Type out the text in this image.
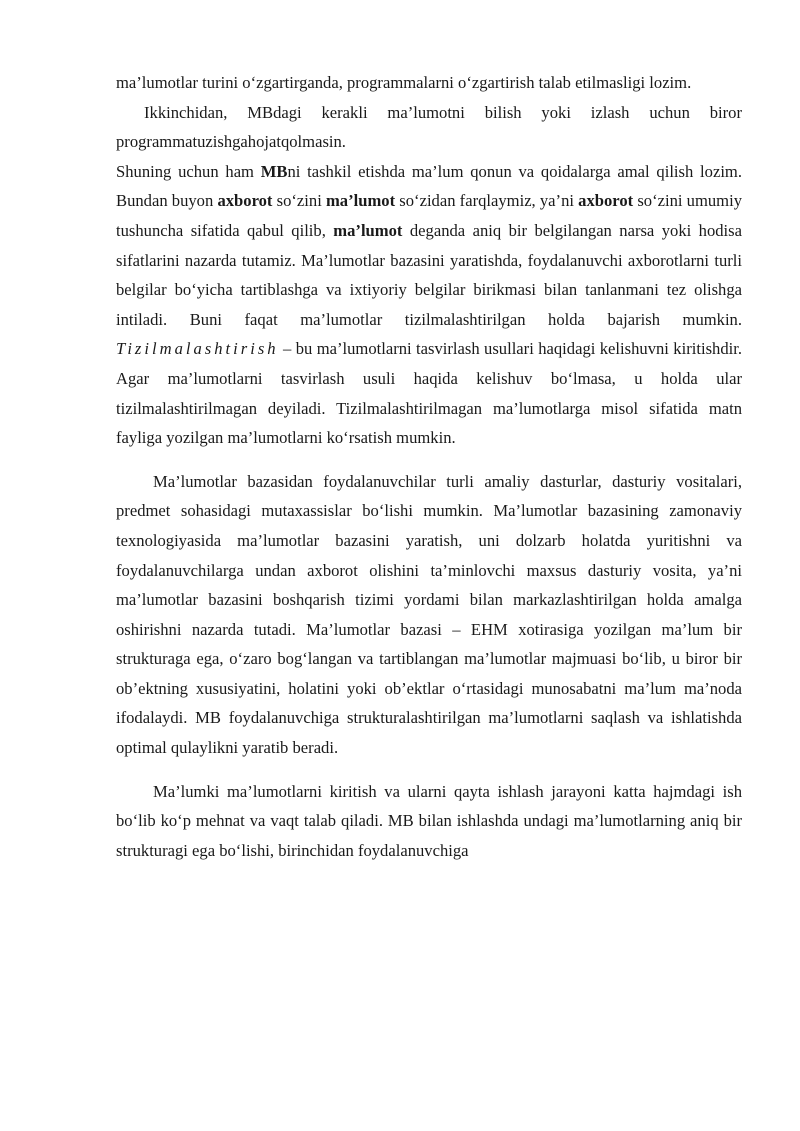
ma’lumotlar turini o‘zgartirganda, programmalarni o‘zgartirish talab etilmasligi lozim.

Ikkinchidan, MBdagi kerakli ma’lumotni bilish yoki izlash uchun biror programmatuzishgahojatqolmasin.

Shuning uchun ham MBni tashkil etishda ma’lum qonun va qoidalarga amal qilish lozim. Bundan buyon axborot so‘zini ma’lumot so‘zidan farqlaymiz, ya’ni axborot so‘zini umumiy tushuncha sifatida qabul qilib, ma’lumot deganda aniq bir belgilangan narsa yoki hodisa sifatlarini nazarda tutamiz. Ma’lumotlar bazasini yaratishda, foydalanuvchi axborotlarni turli belgilar bo‘yicha tartiblashga va ixtiyoriy belgilar birikmasi bilan tanlanmani tez olishga intiladi. Buni faqat ma’lumotlar tizilmalashtirilgan holda bajarish mumkin. Tizilmalashtirish – bu ma’lumotlarni tasvirlash usullari haqidagi kelishuvni kiritishdir. Agar ma’lumotlarni tasvirlash usuli haqida kelishuv bo‘lmasa, u holda ular tizilmalashtirilmagan deyiladi. Tizilmalashtirilmagan ma’lumotlarga misol sifatida matn fayliga yozilgan ma’lumotlarni ko‘rsatish mumkin.

Ma’lumotlar bazasidan foydalanuvchilar turli amaliy dasturlar, dasturiy vositalari, predmet sohasidagi mutaxassislar bo‘lishi mumkin. Ma’lumotlar bazasining zamonaviy texnologiyasida ma’lumotlar bazasini yaratish, uni dolzarb holatda yuritishni va foydalanuvchilarga undan axborot olishini ta’minlovchi maxsus dasturiy vosita, ya’ni ma’lumotlar bazasini boshqarish tizimi yordami bilan markazlashtirilgan holda amalga oshirishni nazarda tutadi. Ma’lumotlar bazasi – EHM xotirasiga yozilgan ma’lum bir strukturaga ega, o‘zaro bog‘langan va tartiblangan ma’lumotlar majmuasi bo‘lib, u biror bir ob’ektning xususiyatini, holatini yoki ob’ektlar o‘rtasidagi munosabatni ma’lum ma’noda ifodalaydi. MB foydalanuvchiga strukturalashtirilgan ma’lumotlarni saqlash va ishlatishda optimal qulaylikni yaratib beradi.

Ma’lumki ma’lumotlarni kiritish va ularni qayta ishlash jarayoni katta hajmdagi ish bo‘lib ko‘p mehnat va vaqt talab qiladi. MB bilan ishlashda undagi ma’lumotlarning aniq bir strukturagi ega bo‘lishi, birinchidan foydalanuvchiga
